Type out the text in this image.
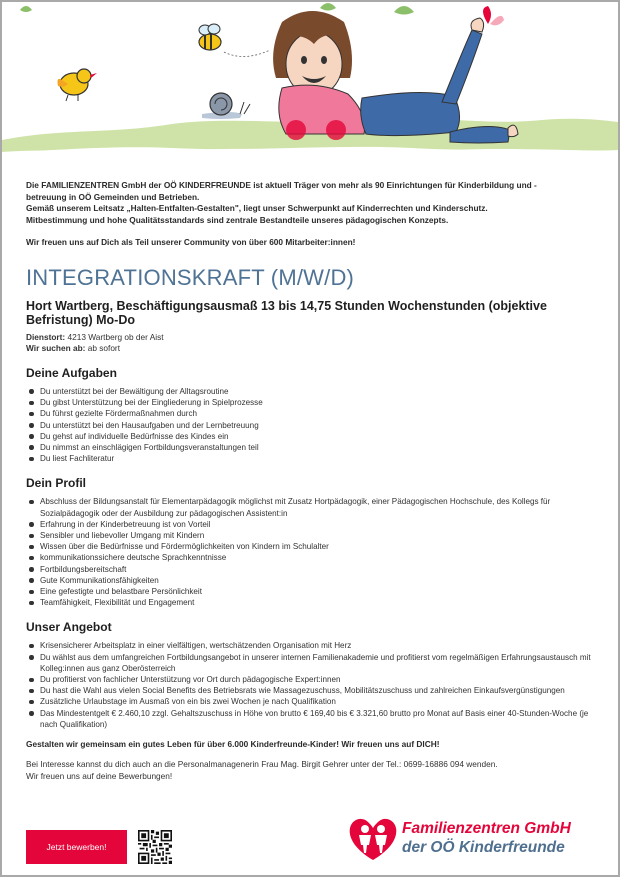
Die FAMILIENZENTREN GmbH der OÖ KINDERFREUNDE ist aktuell Träger von mehr als 90 Einrichtungen für Kinderbildung und -
betreuung in OÖ Gemeinden und Betrieben.
Gemäß unserem Leitsatz „Halten-Entfalten-Gestalten", liegt unser Schwerpunkt auf Kinderrechten und Kinderschutz.
Mitbestimmung und hohe Qualitätsstandards sind zentrale Bestandteile unseres pädagogischen Konzepts.

Wir freuen uns auf Dich als Teil unserer Community von über 600 Mitarbeiter:innen!

INTEGRATIONSKRAFT (M/W/D)

Hort Wartberg, Beschäftigungsausmaß 13 bis 14,75 Stunden Wochenstunden (objektive Befristung) Mo-Do

Dienstort: 4213 Wartberg ob der Aist
Wir suchen ab: ab sofort
Deine Aufgaben
Du unterstützt bei der Bewältigung der Alltagsroutine
Du gibst Unterstützung bei der Eingliederung in Spielprozesse
Du führst gezielte Fördermaßnahmen durch
Du unterstützt bei den Hausaufgaben und der Lernbetreuung
Du gehst auf individuelle Bedürfnisse des Kindes ein
Du nimmst an einschlägigen Fortbildungsveranstaltungen teil
Du liest Fachliteratur
Dein Profil
Abschluss der Bildungsanstalt für Elementarpädagogik möglichst mit Zusatz Hortpädagogik, einer Pädagogischen Hochschule, des Kollegs für Sozialpädagogik oder der Ausbildung zur pädagogischen Assistent:in
Erfahrung in der Kinderbetreuung ist von Vorteil
Sensibler und liebevoller Umgang mit Kindern
Wissen über die Bedürfnisse und Fördermöglichkeiten von Kindern im Schulalter
kommunikationssichere deutsche Sprachkenntnisse
Fortbildungsbereitschaft
Gute Kommunikationsfähigkeiten
Eine gefestigte und belastbare Persönlichkeit
Teamfähigkeit, Flexibilität und Engagement
Unser Angebot
Krisensicherer Arbeitsplatz in einer vielfältigen, wertschätzenden Organisation mit Herz
Du wählst aus dem umfangreichen Fortbildungsangebot in unserer internen Familienakademie und profitierst vom regelmäßigen Erfahrungsaustausch mit Kolleg:innen aus ganz Oberösterreich
Du profitierst von fachlicher Unterstützung vor Ort durch pädagogische Expert:innen
Du hast die Wahl aus vielen Social Benefits des Betriebsrats wie Massagezuschuss, Mobilitätszuschuss und zahlreichen Einkaufsvergünstigungen
Zusätzliche Urlaubstage im Ausmaß von ein bis zwei Wochen je nach Qualifikation
Das Mindestentgelt € 2.460,10 zzgl. Gehaltszuschuss in Höhe von brutto € 169,40 bis € 3.321,60 brutto pro Monat auf Basis einer 40-Stunden-Woche (je nach Qualifikation)

Gestalten wir gemeinsam ein gutes Leben für über 6.000 Kinderfreunde-Kinder! Wir freuen uns auf DICH!

Bei Interesse kannst du dich auch an die Personalmanagenerin Frau Mag. Birgit Gehrer unter der Tel.: 0699-16886 094 wenden.
Wir freuen uns auf deine Bewerbungen!
Jetzt bewerben!
Familienzentren GmbH
der OÖ Kinderfreunde
